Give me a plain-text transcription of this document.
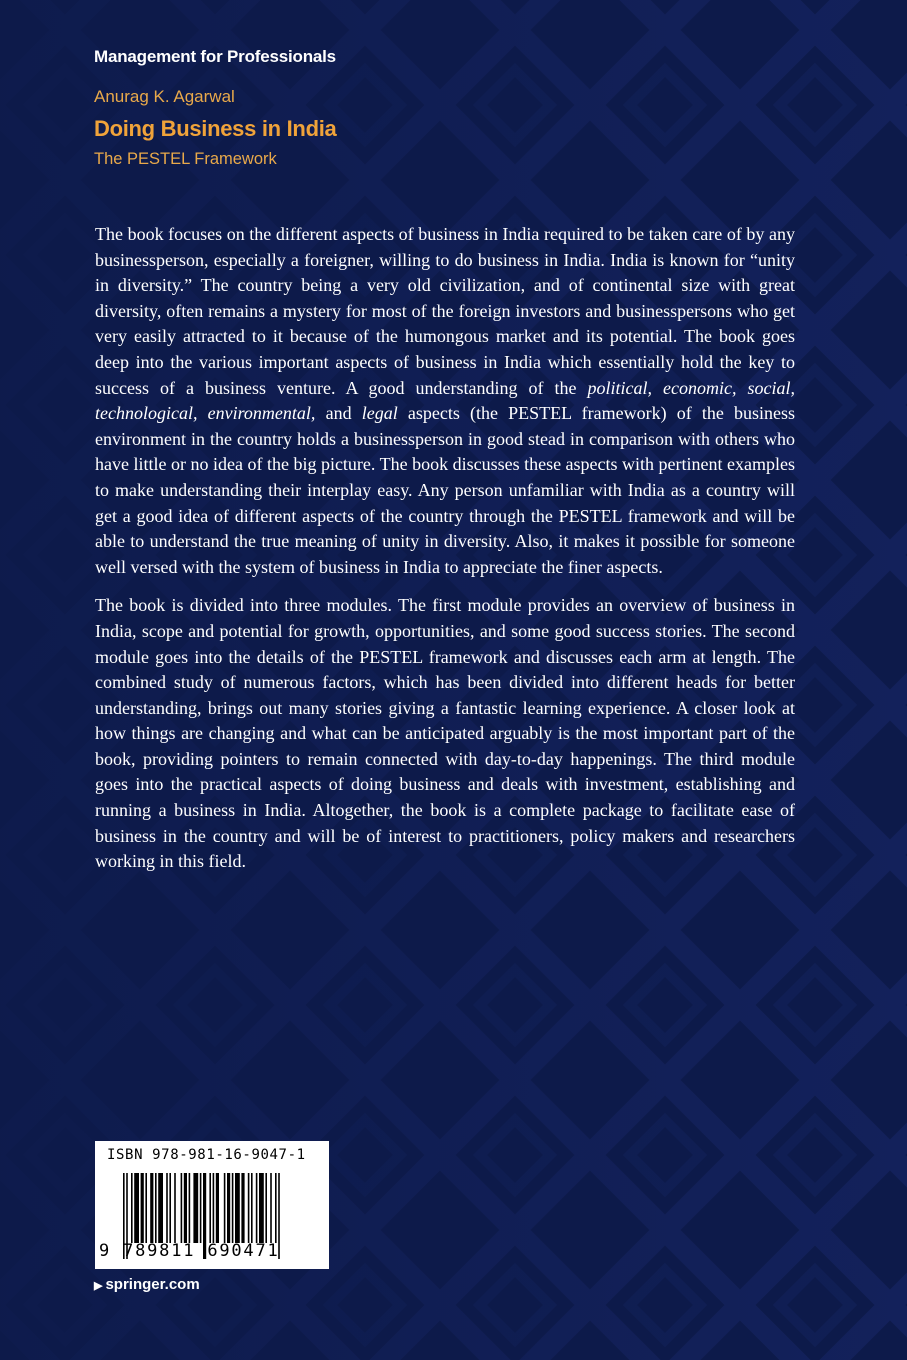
Management for Professionals
Anurag K. Agarwal
Doing Business in India
The PESTEL Framework

The book focuses on the different aspects of business in India required to be taken care of by any businessperson, especially a foreigner, willing to do business in India. India is known for “unity in diversity.” The country being a very old civilization, and of continental size with great diversity, often remains a mystery for most of the foreign investors and businesspersons who get very easily attracted to it because of the humongous market and its potential. The book goes deep into the various important aspects of business in India which essentially hold the key to success of a business venture. A good understanding of the political, economic, social, technological, environmental, and legal aspects (the PESTEL framework) of the business environment in the country holds a businessperson in good stead in comparison with others who have little or no idea of the big picture. The book discusses these aspects with pertinent examples to make understanding their interplay easy. Any person unfamiliar with India as a country will get a good idea of different aspects of the country through the PESTEL framework and will be able to understand the true meaning of unity in diversity. Also, it makes it possible for someone well versed with the system of business in India to appreciate the finer aspects.

The book is divided into three modules. The first module provides an overview of business in India, scope and potential for growth, opportunities, and some good success stories. The second module goes into the details of the PESTEL framework and discusses each arm at length. The combined study of numerous factors, which has been divided into different heads for better understanding, brings out many stories giving a fantastic learning experience. A closer look at how things are changing and what can be anticipated arguably is the most important part of the book, providing pointers to remain connected with day-to-day happenings. The third module goes into the practical aspects of doing business and deals with investment, establishing and running a business in India. Altogether, the book is a complete package to facilitate ease of business in the country and will be of interest to practitioners, policy makers and researchers working in this field.

ISBN 978-981-16-9047-1
9 789811 690471
▶ springer.com
